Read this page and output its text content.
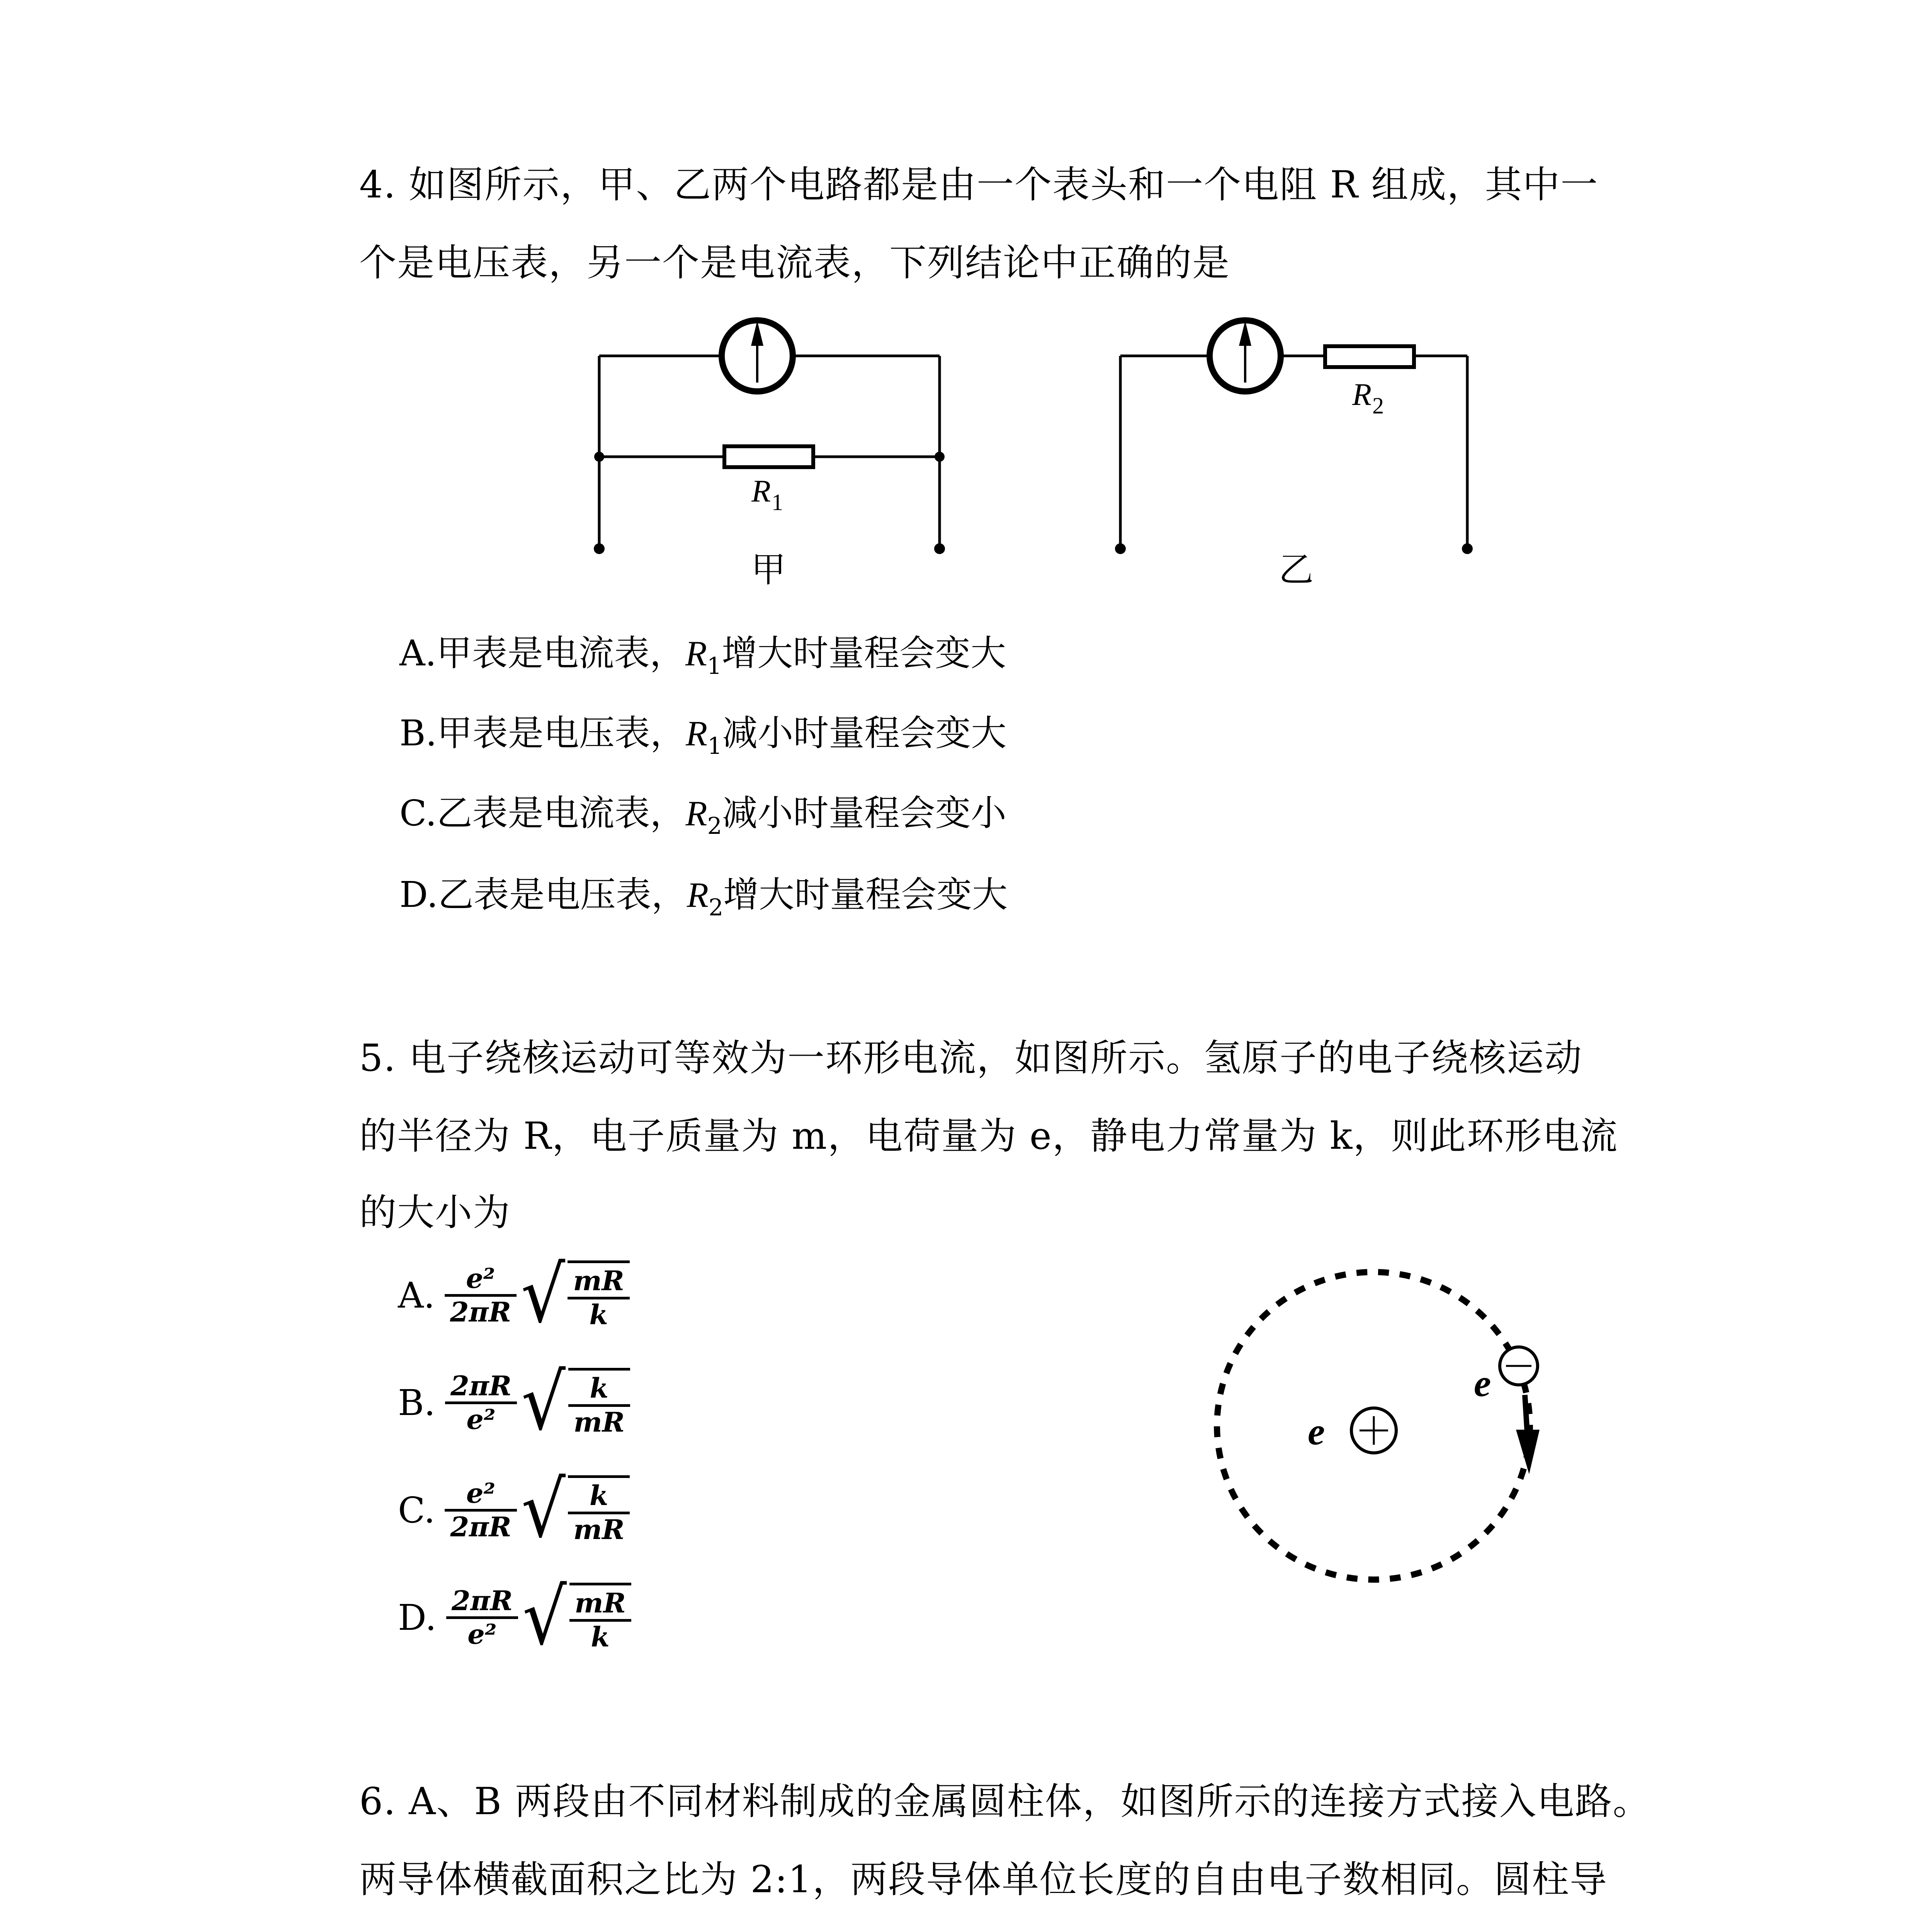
4. 如图所示，甲、乙两个电路都是由一个表头和一个电阻 R 组成，其中一
个是电压表，另一个是电流表，下列结论中正确的是
$R_1$
甲
$R_2$
乙
A.甲表是电流表，$R_1$增大时量程会变大
B.甲表是电压表，$R_1$减小时量程会变大
C.乙表是电流表，$R_2$减小时量程会变小
D.乙表是电压表，$R_2$增大时量程会变大
5. 电子绕核运动可等效为一环形电流，如图所示。氢原子的电子绕核运动
的半径为 R，电子质量为 m，电荷量为 e，静电力常量为 k，则此环形电流
的大小为
A. $\frac{\text{e²}}{2\pi R}$
√ $\frac{mR}{k}$
B. $\frac{2\pi R}{\text{e²}}$
√ $\frac{k}{mR}$
C. $\frac{\text{e²}}{2\pi R}$
√ $\frac{k}{mR}$
D. $\frac{2\pi R}{\text{e²}}$
√ $\frac{mR}{k}$
e
e
6. A、B 两段由不同材料制成的金属圆柱体，如图所示的连接方式接入电路。
两导体横截面积之比为 2:1，两段导体单位长度的自由电子数相同。圆柱导
